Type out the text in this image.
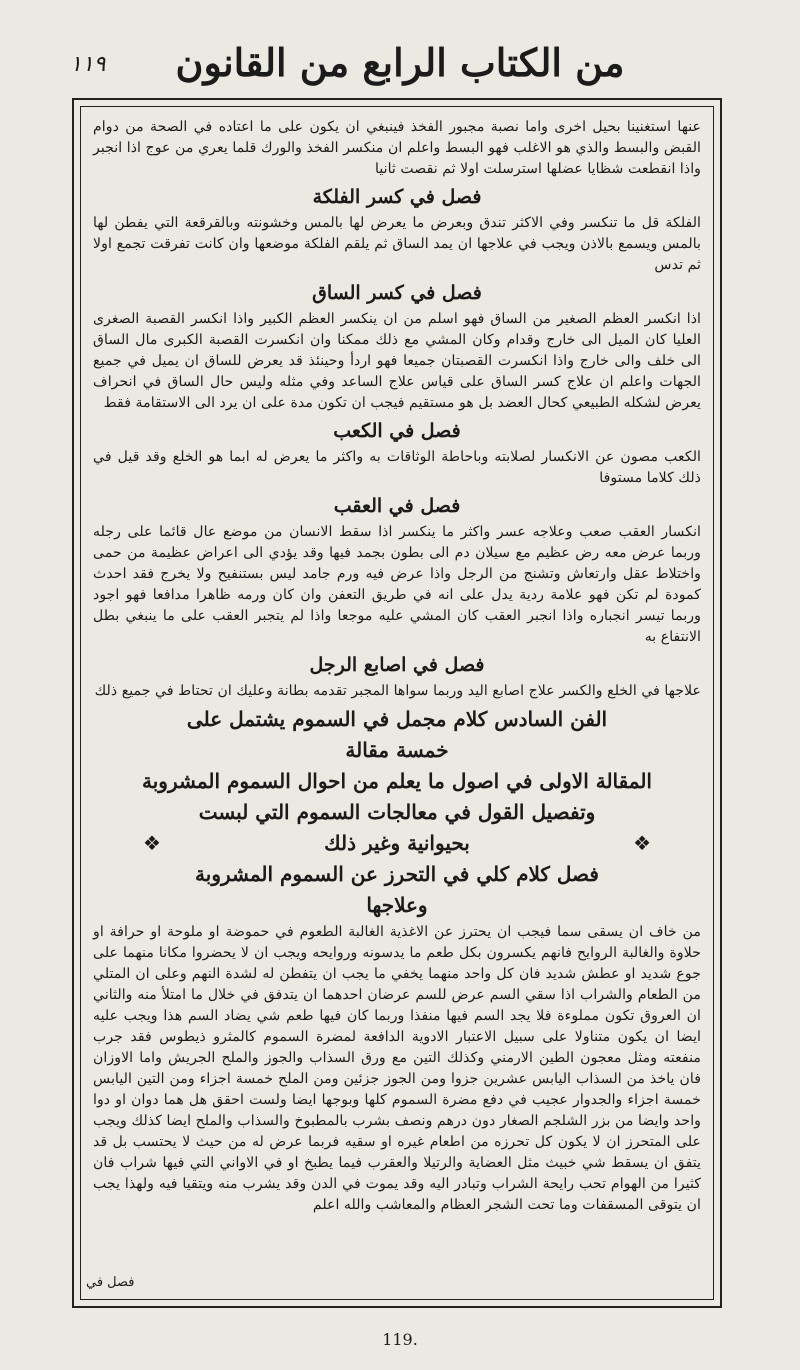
۱۱۹	من الكتاب الرابع من القانون

عنها استغنينا بحيل اخرى واما نصبة مجبور الفخذ فينبغي ان يكون على ما اعتاده في الصحة من دوام القبض والبسط والذي هو الاغلب فهو البسط واعلم ان منكسر الفخذ والورك قلما يعري من عوج اذا انجبر واذا انقطعت شظايا عضلها استرسلت اولا ثم نقصت ثانيا

فصل في كسر الفلكة

الفلكة قل ما تنكسر وفي الاكثر تندق وبعرض ما يعرض لها بالمس وخشونته وبالقرقعة التي يفطن لها بالمس ويسمع بالاذن ويجب في علاجها ان يمد الساق ثم يلقم الفلكة موضعها وان كانت تفرقت تجمع اولا ثم تدس

فصل في كسر الساق

اذا انكسر العظم الصغير من الساق فهو اسلم من ان ينكسر العظم الكبير واذا انكسر القصبة الصغرى العليا كان الميل الى خارج وقدام وكان المشي مع ذلك ممكنا وان انكسرت القصبة الكبرى مال الساق الى خلف والى خارج واذا انكسرت القصبتان جميعا فهو اردأ وحينئذ قد يعرض للساق ان يميل في جميع الجهات واعلم ان علاج كسر الساق على قياس علاج الساعد وفي مثله وليس حال الساق في انحراف يعرض لشكله الطبيعي كحال العضد بل هو مستقيم فيجب ان تكون مدة على ان يرد الى الاستقامة فقط

فصل في الكعب

الكعب مصون عن الانكسار لصلابته وباحاطة الوثاقات به واكثر ما يعرض له ابما هو الخلع وقد قيل في ذلك كلاما مستوفا

فصل في العقب

انكسار العقب صعب وعلاجه عسر واكثر ما ينكسر اذا سقط الانسان من موضع عال قائما على رجله وربما عرض معه رض عظيم مع سيلان دم الى بطون بجمد فيها وقد يؤدي الى اعراض عظيمة من حمى واختلاط عقل وارتعاش وتشنج من الرجل واذا عرض فيه ورم جامد ليس بستنفيح ولا يخرج فقد احدث كمودة لم تكن فهو علامة ردية يدل على انه في طريق التعفن وان كان ورمه ظاهرا مدافعا فهو اجود وربما تيسر انجباره واذا انجبر العقب كان المشي عليه موجعا واذا لم يتجبر العقب على ما ينبغي بطل الانتفاع به

فصل في اصابع الرجل

علاجها في الخلع والكسر علاج اصابع اليد وربما سواها المجبر تقدمه بطانة وعليك ان تحتاط في جميع ذلك

الفن السادس كلام مجمل في السموم يشتمل على
خمسة مقالة
المقالة الاولى في اصول ما يعلم من احوال السموم المشروبة
وتفصيل القول في معالجات السموم التي لبست
❖
بحيوانية وغير ذلك
❖
فصل كلام كلي في التحرز عن السموم المشروبة
وعلاجها

من خاف ان يسقى سما فيجب ان يحترز عن الاغذية الغالبة الطعوم في حموضة او ملوحة او حرافة او حلاوة والغالبة الروايح فانهم يكسرون بكل طعم ما يدسونه وروايحه ويجب ان لا يحضروا مكانا منهما على جوع شديد او عطش شديد فان كل واحد منهما يخفي ما يجب ان يتفطن له لشدة النهم وعلى ان المتلي من الطعام والشراب اذا سقي السم عرض للسم عرضان احدهما ان يتدفق في خلال ما امتلأ منه والثاني ان العروق تكون مملوءة فلا يجد السم فيها منفذا وربما كان فيها طعم شي يضاد السم هذا ويجب عليه ايضا ان يكون متناولا على سبيل الاعتبار الادوية الدافعة لمضرة السموم كالمثرو ذيطوس فقد جرب منفعته ومثل معجون الطين الارمني وكذلك التين مع ورق السذاب والجوز والملح الجريش واما الاوزان فان ياخذ من السذاب اليابس عشرين جزوا ومن الجوز جزئين ومن الملح خمسة اجزاء ومن التين اليابس خمسة اجزاء والجدوار عجيب في دفع مضرة السموم كلها وبوجها ايضا ولست احقق هل هما دوان او دوا واحد وايضا من بزر الشلجم الصغار دون درهم ونصف بشرب بالمطبوخ والسذاب والملح ايضا كذلك ويجب على المتحرز ان لا يكون كل تحرزه من اطعام غيره او سقيه فربما عرض له من حيث لا يحتسب بل قد يتفق ان يسقط شي خبيث مثل العضاية والرتيلا والعقرب فيما يطبخ او في الاواني التي فيها شراب فان كثيرا من الهوام تحب رايحة الشراب وتبادر اليه وقد يموت في الدن وقد يشرب منه ويتقيا فيه ولهذا يجب ان يتوقى المسقفات وما تحت الشجر العظام والمعاشب والله اعلم

فصل في
119.
